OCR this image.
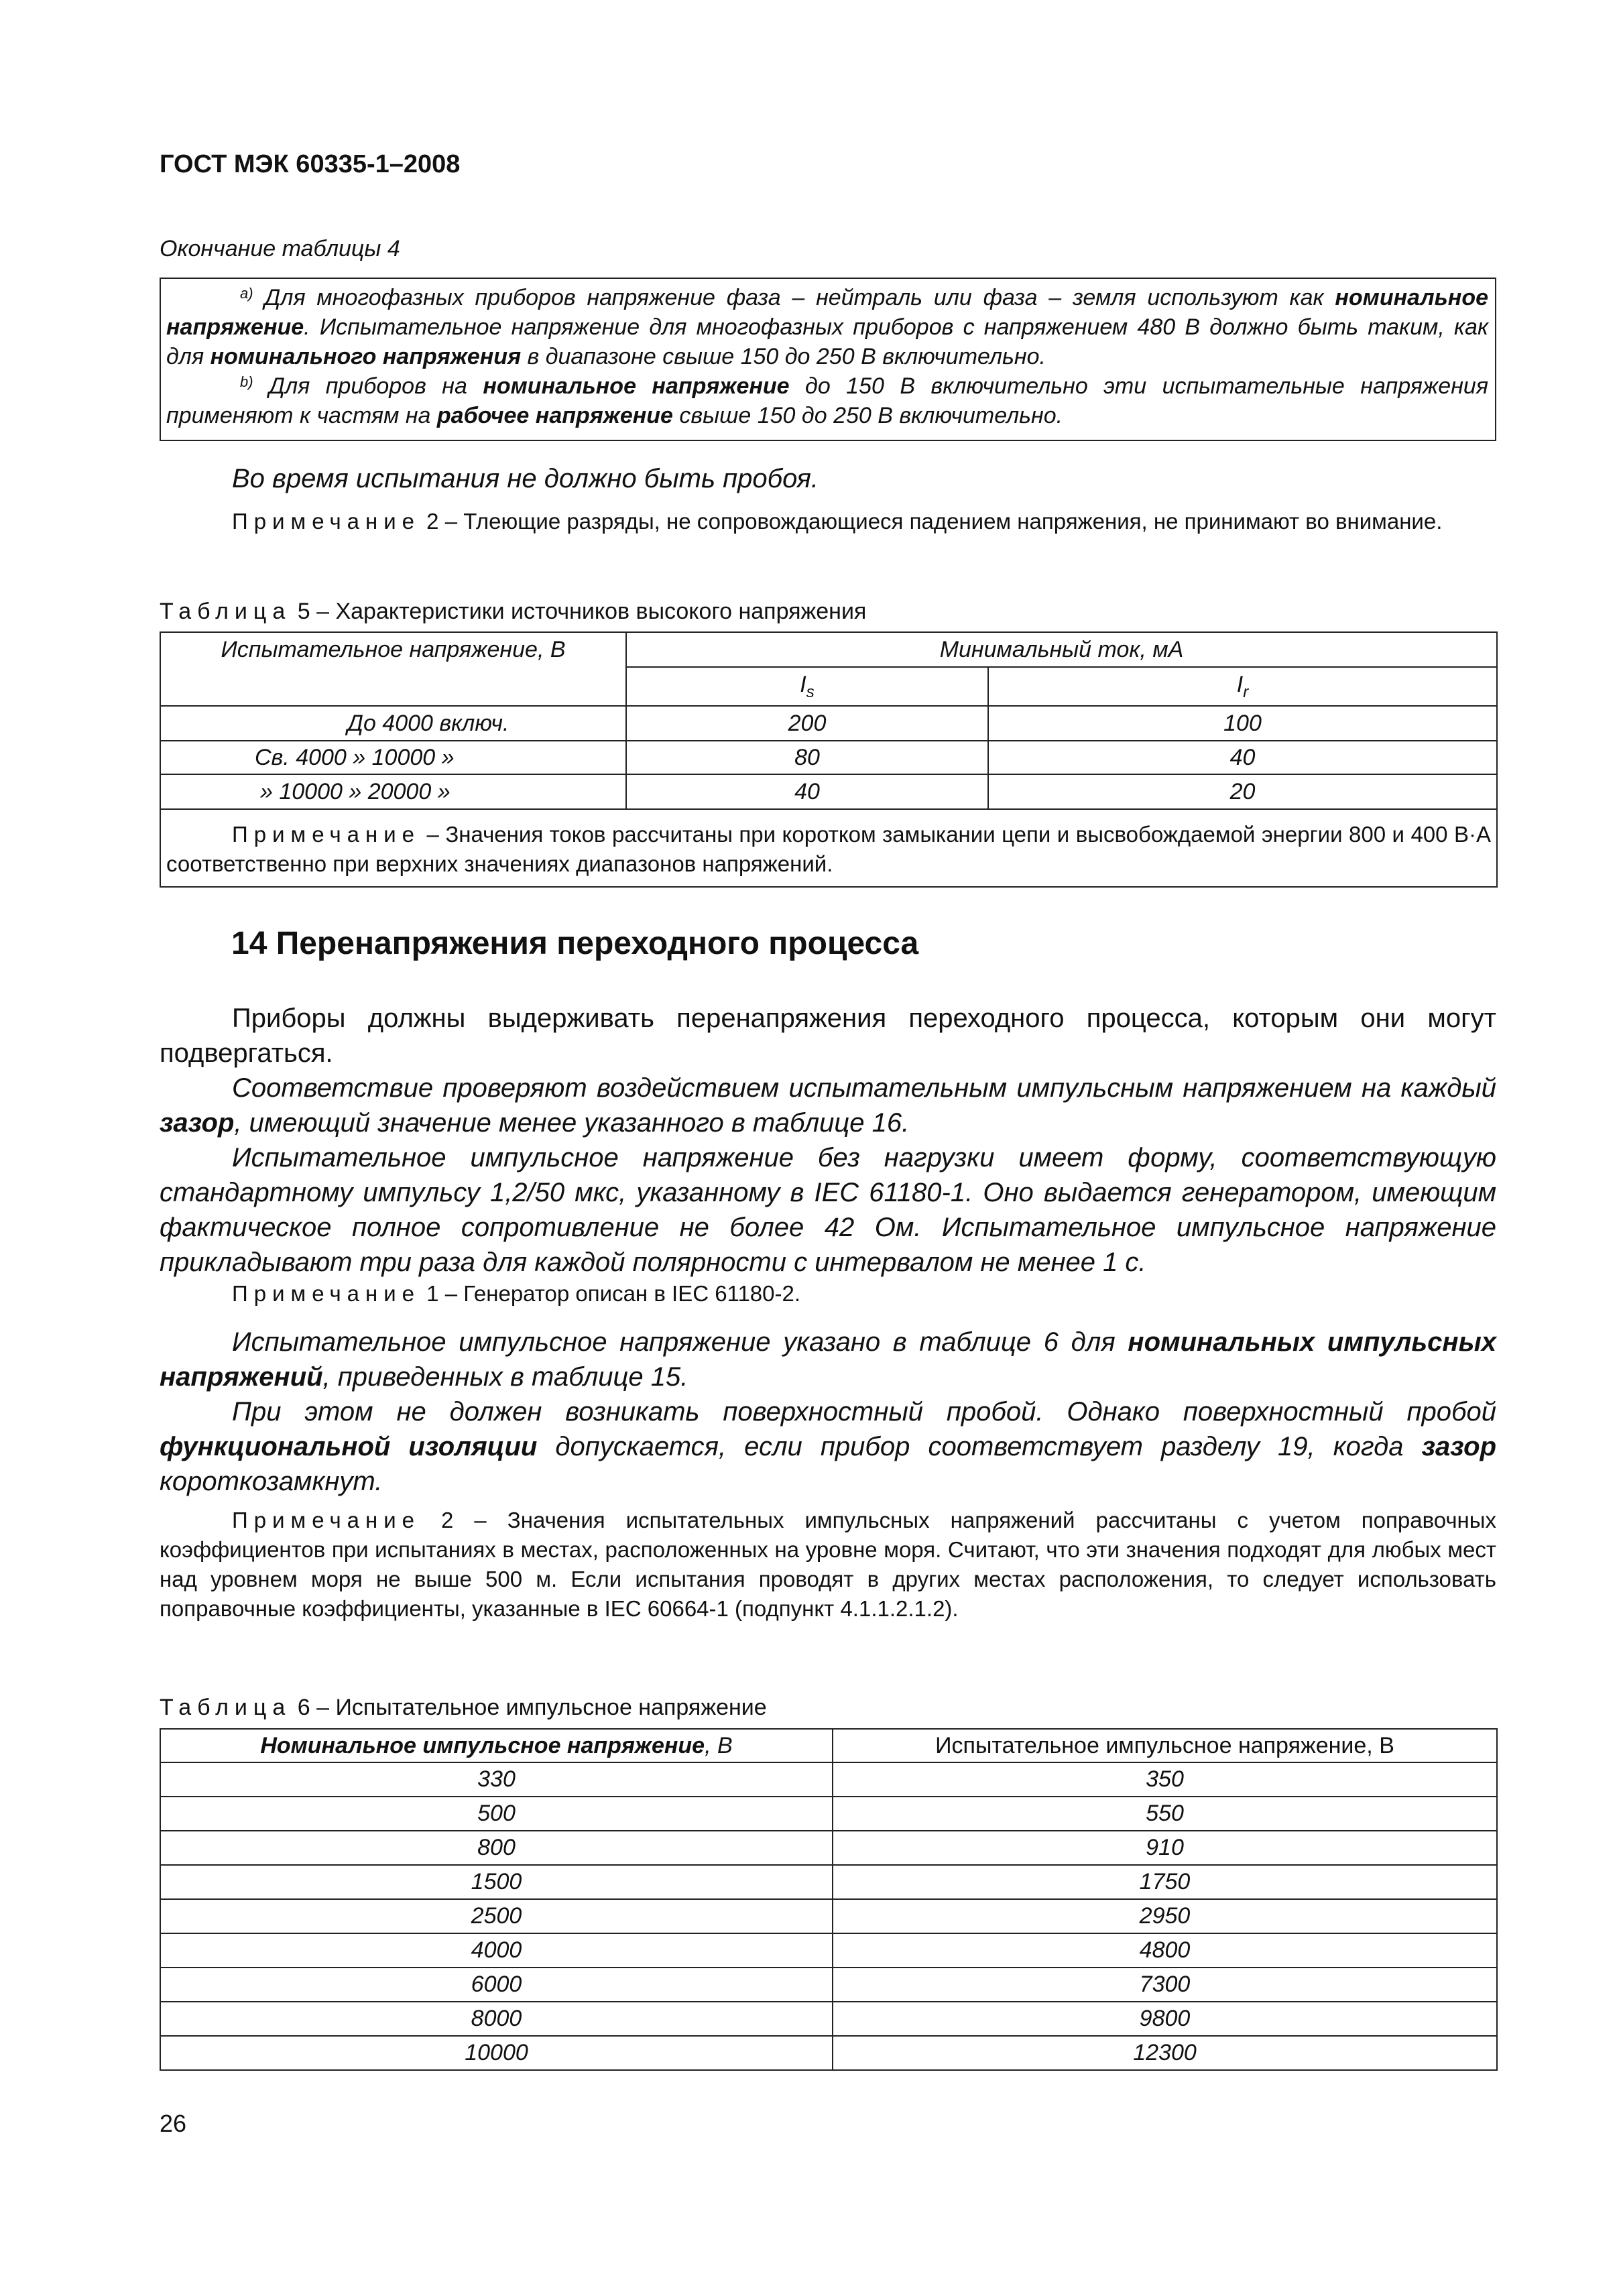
ГОСТ МЭК 60335-1–2008
Окончание таблицы 4

$^{a)}$ Для многофазных приборов напряжение фаза – нейтраль или фаза – земля используют как номинальное напряжение. Испытательное напряжение для многофазных приборов с напряжением 480 В должно быть таким, как для номинального напряжения в диапазоне свыше 150 до 250 В включительно.

$^{b)}$ Для приборов на номинальное напряжение до 150 В включительно эти испытательные напряжения применяют к частям на рабочее напряжение свыше 150 до 250 В включительно.

Во время испытания не должно быть пробоя.

Примечание 2 – Тлеющие разряды, не сопровождающиеся падением напряжения, не принимают во внимание.

Таблица 5 – Характеристики источников высокого напряжения
Испытательное напряжение, В	Минимальный ток, мА	
	$I_s$	$I_r$
До 4000 включ.	200	100
Св. 4000 » 10000 »	80	40
» 10000 » 20000 »	40	20
Примечание – Значения токов рассчитаны при коротком замыкании цепи и высвобождаемой энергии 800 и 400 В·А соответственно при верхних значениях диапазонов напряжений.		
14 Перенапряжения переходного процесса

Приборы должны выдерживать перенапряжения переходного процесса, которым они могут подвергаться.

Соответствие проверяют воздействием испытательным импульсным напряжением на каждый зазор, имеющий значение менее указанного в таблице 16.

Испытательное импульсное напряжение без нагрузки имеет форму, соответствующую стандартному импульсу 1,2/50 мкс, указанному в IEC 61180-1. Оно выдается генератором, имеющим фактическое полное сопротивление не более 42 Ом. Испытательное импульсное напряжение прикладывают три раза для каждой полярности с интервалом не менее 1 с.

Примечание 1 – Генератор описан в IEC 61180-2.

Испытательное импульсное напряжение указано в таблице 6 для номинальных импульсных напряжений, приведенных в таблице 15.

При этом не должен возникать поверхностный пробой. Однако поверхностный пробой функциональной изоляции допускается, если прибор соответствует разделу 19, когда зазор короткозамкнут.

Примечание 2 – Значения испытательных импульсных напряжений рассчитаны с учетом поправочных коэффициентов при испытаниях в местах, расположенных на уровне моря. Считают, что эти значения подходят для любых мест над уровнем моря не выше 500 м. Если испытания проводят в других местах расположения, то следует использовать поправочные коэффициенты, указанные в IEC 60664-1 (подпункт 4.1.1.2.1.2).

Таблица 6 – Испытательное импульсное напряжение
Номинальное импульсное напряжение, В	Испытательное импульсное напряжение, В
330	350
500	550
800	910
1500	1750
2500	2950
4000	4800
6000	7300
8000	9800
10000	12300
26
